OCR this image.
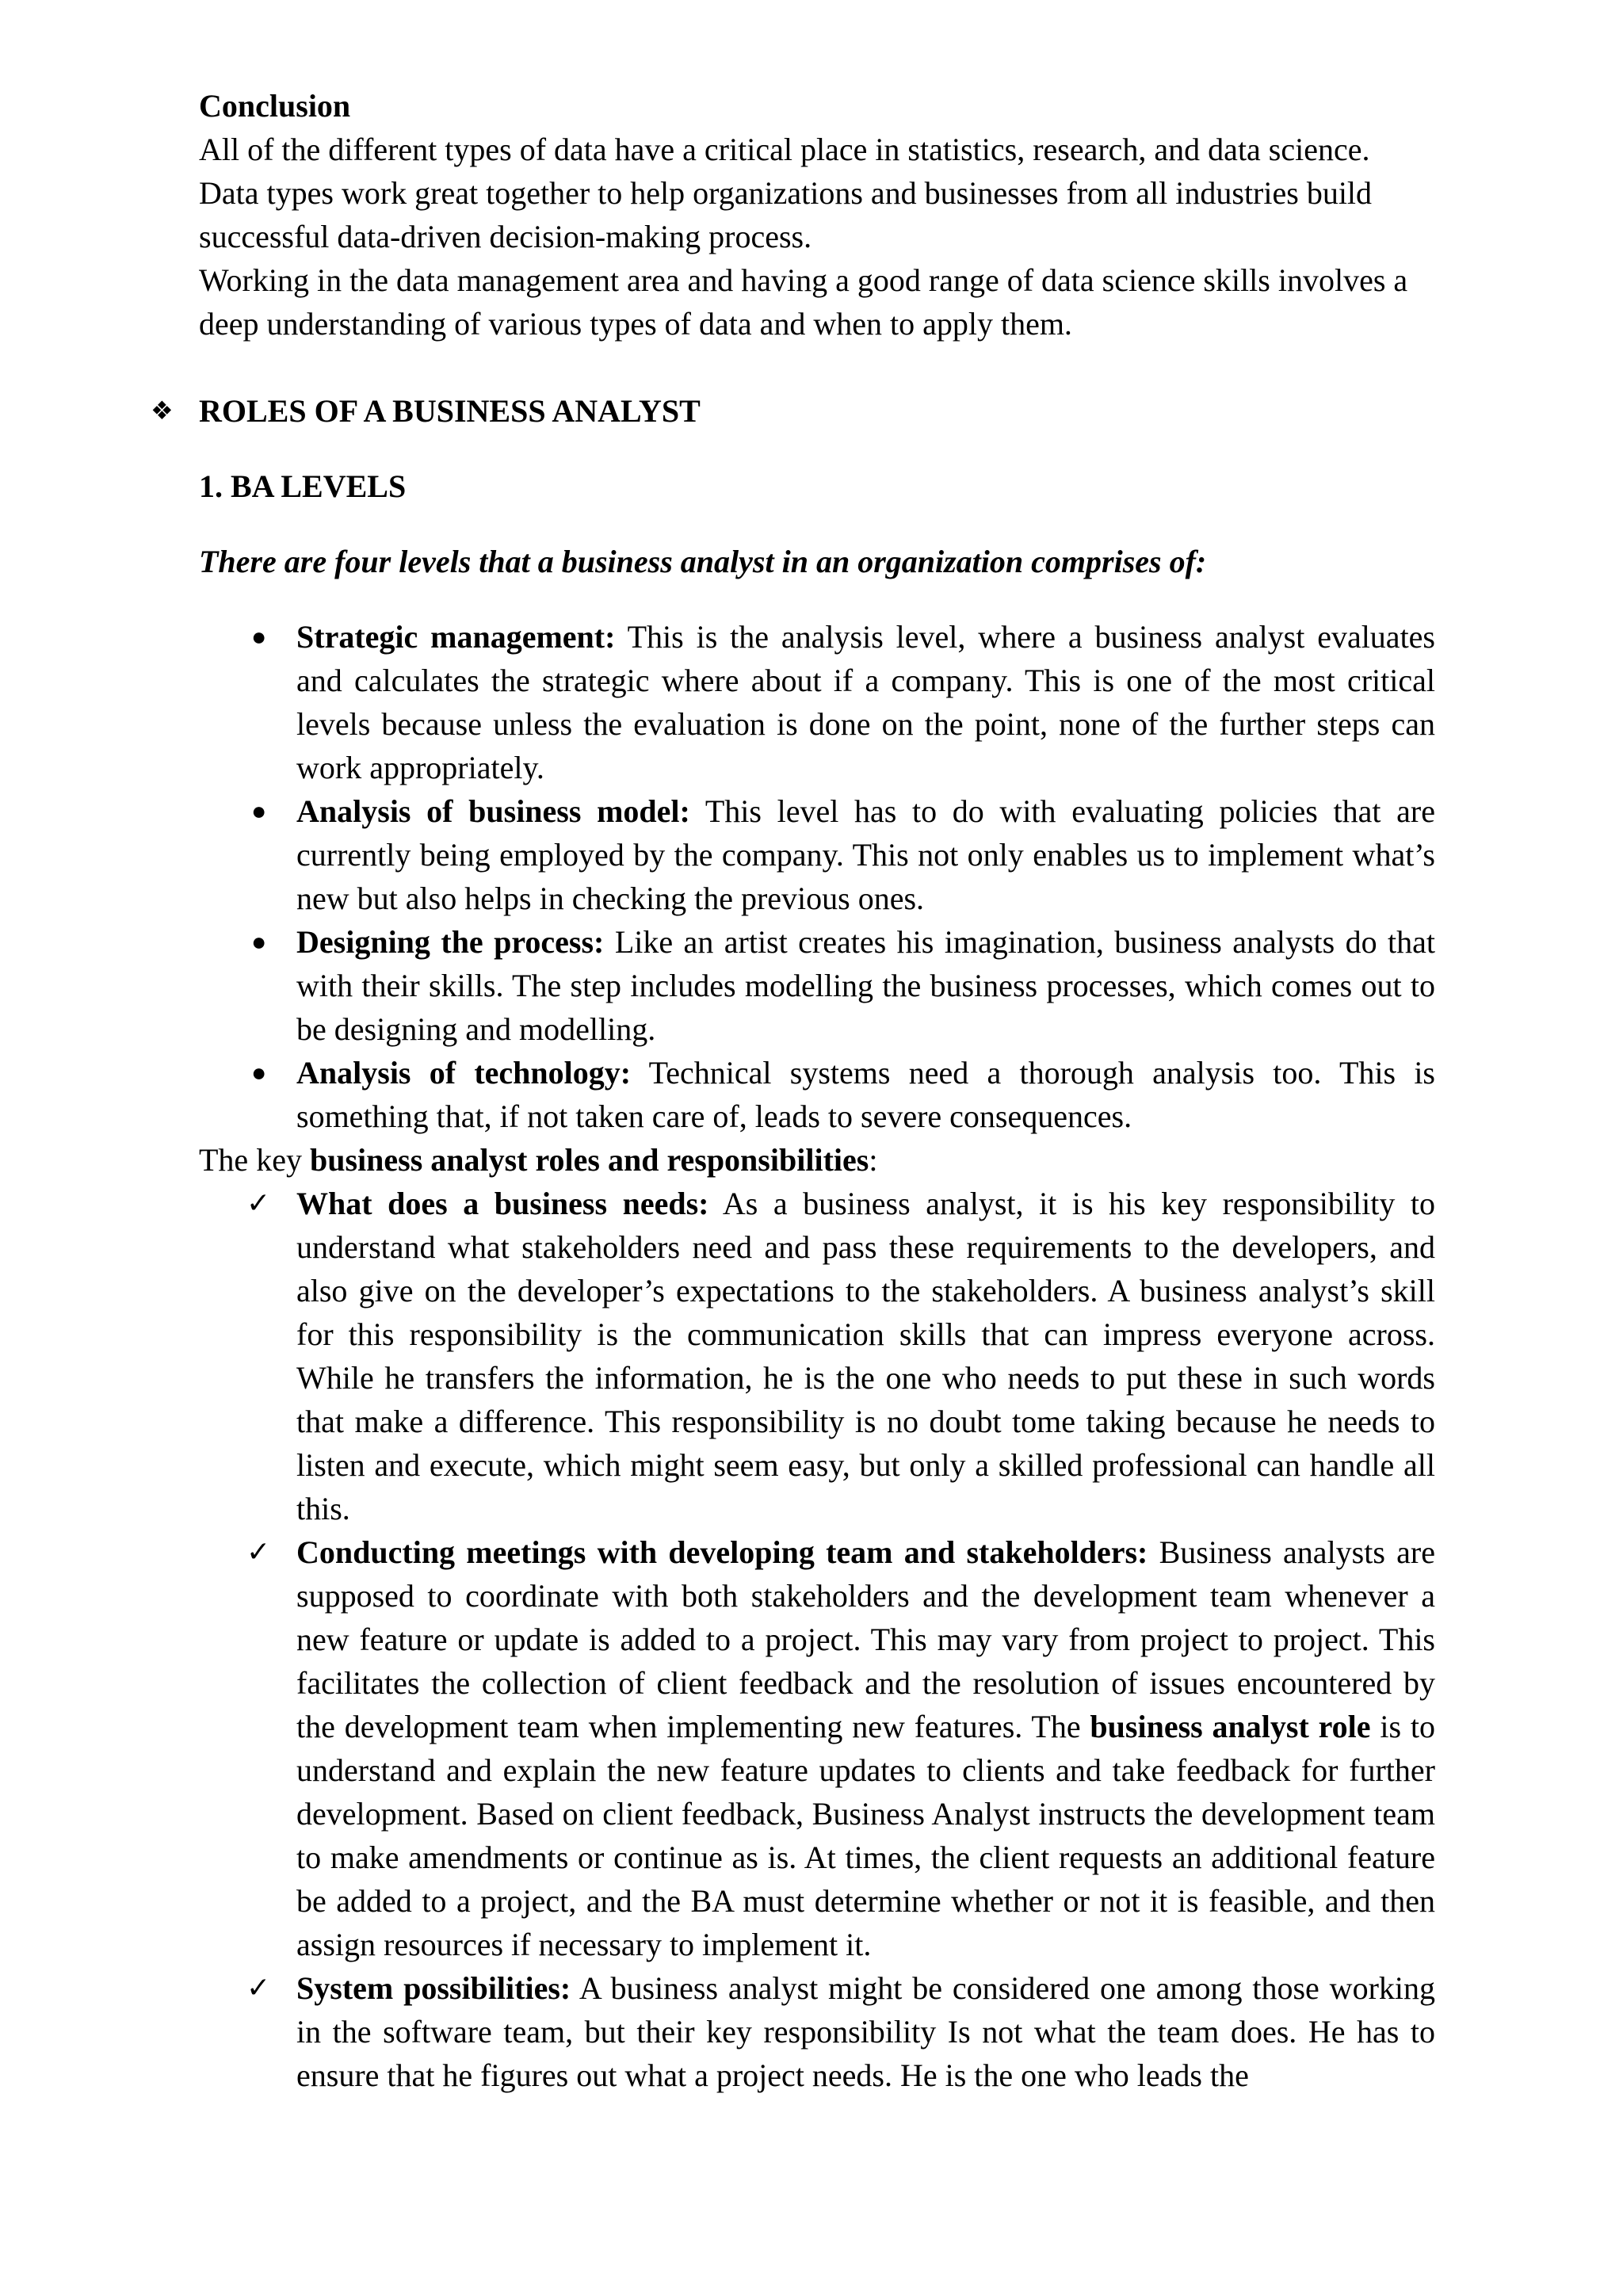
Conclusion

All of the different types of data have a critical place in statistics, research, and data science. Data types work great together to help organizations and businesses from all industries build successful data-driven decision-making process.

Working in the data management area and having a good range of data science skills involves a deep understanding of various types of data and when to apply them.

❖ ROLES OF A BUSINESS ANALYST

1. BA LEVELS

There are four levels that a business analyst in an organization comprises of:

● Strategic management: This is the analysis level, where a business analyst evaluates and calculates the strategic where about if a company. This is one of the most critical levels because unless the evaluation is done on the point, none of the further steps can work appropriately.
● Analysis of business model: This level has to do with evaluating policies that are currently being employed by the company. This not only enables us to implement what’s new but also helps in checking the previous ones.
● Designing the process: Like an artist creates his imagination, business analysts do that with their skills. The step includes modelling the business processes, which comes out to be designing and modelling.
● Analysis of technology: Technical systems need a thorough analysis too. This is something that, if not taken care of, leads to severe consequences.

The key business analyst roles and responsibilities:

✓ What does a business needs: As a business analyst, it is his key responsibility to understand what stakeholders need and pass these requirements to the developers, and also give on the developer’s expectations to the stakeholders. A business analyst’s skill for this responsibility is the communication skills that can impress everyone across. While he transfers the information, he is the one who needs to put these in such words that make a difference. This responsibility is no doubt tome taking because he needs to listen and execute, which might seem easy, but only a skilled professional can handle all this.
✓ Conducting meetings with developing team and stakeholders: Business analysts are supposed to coordinate with both stakeholders and the development team whenever a new feature or update is added to a project. This may vary from project to project. This facilitates the collection of client feedback and the resolution of issues encountered by the development team when implementing new features. The business analyst role is to understand and explain the new feature updates to clients and take feedback for further development. Based on client feedback, Business Analyst instructs the development team to make amendments or continue as is. At times, the client requests an additional feature be added to a project, and the BA must determine whether or not it is feasible, and then assign resources if necessary to implement it.
✓ System possibilities: A business analyst might be considered one among those working in the software team, but their key responsibility Is not what the team does. He has to ensure that he figures out what a project needs. He is the one who leads the
